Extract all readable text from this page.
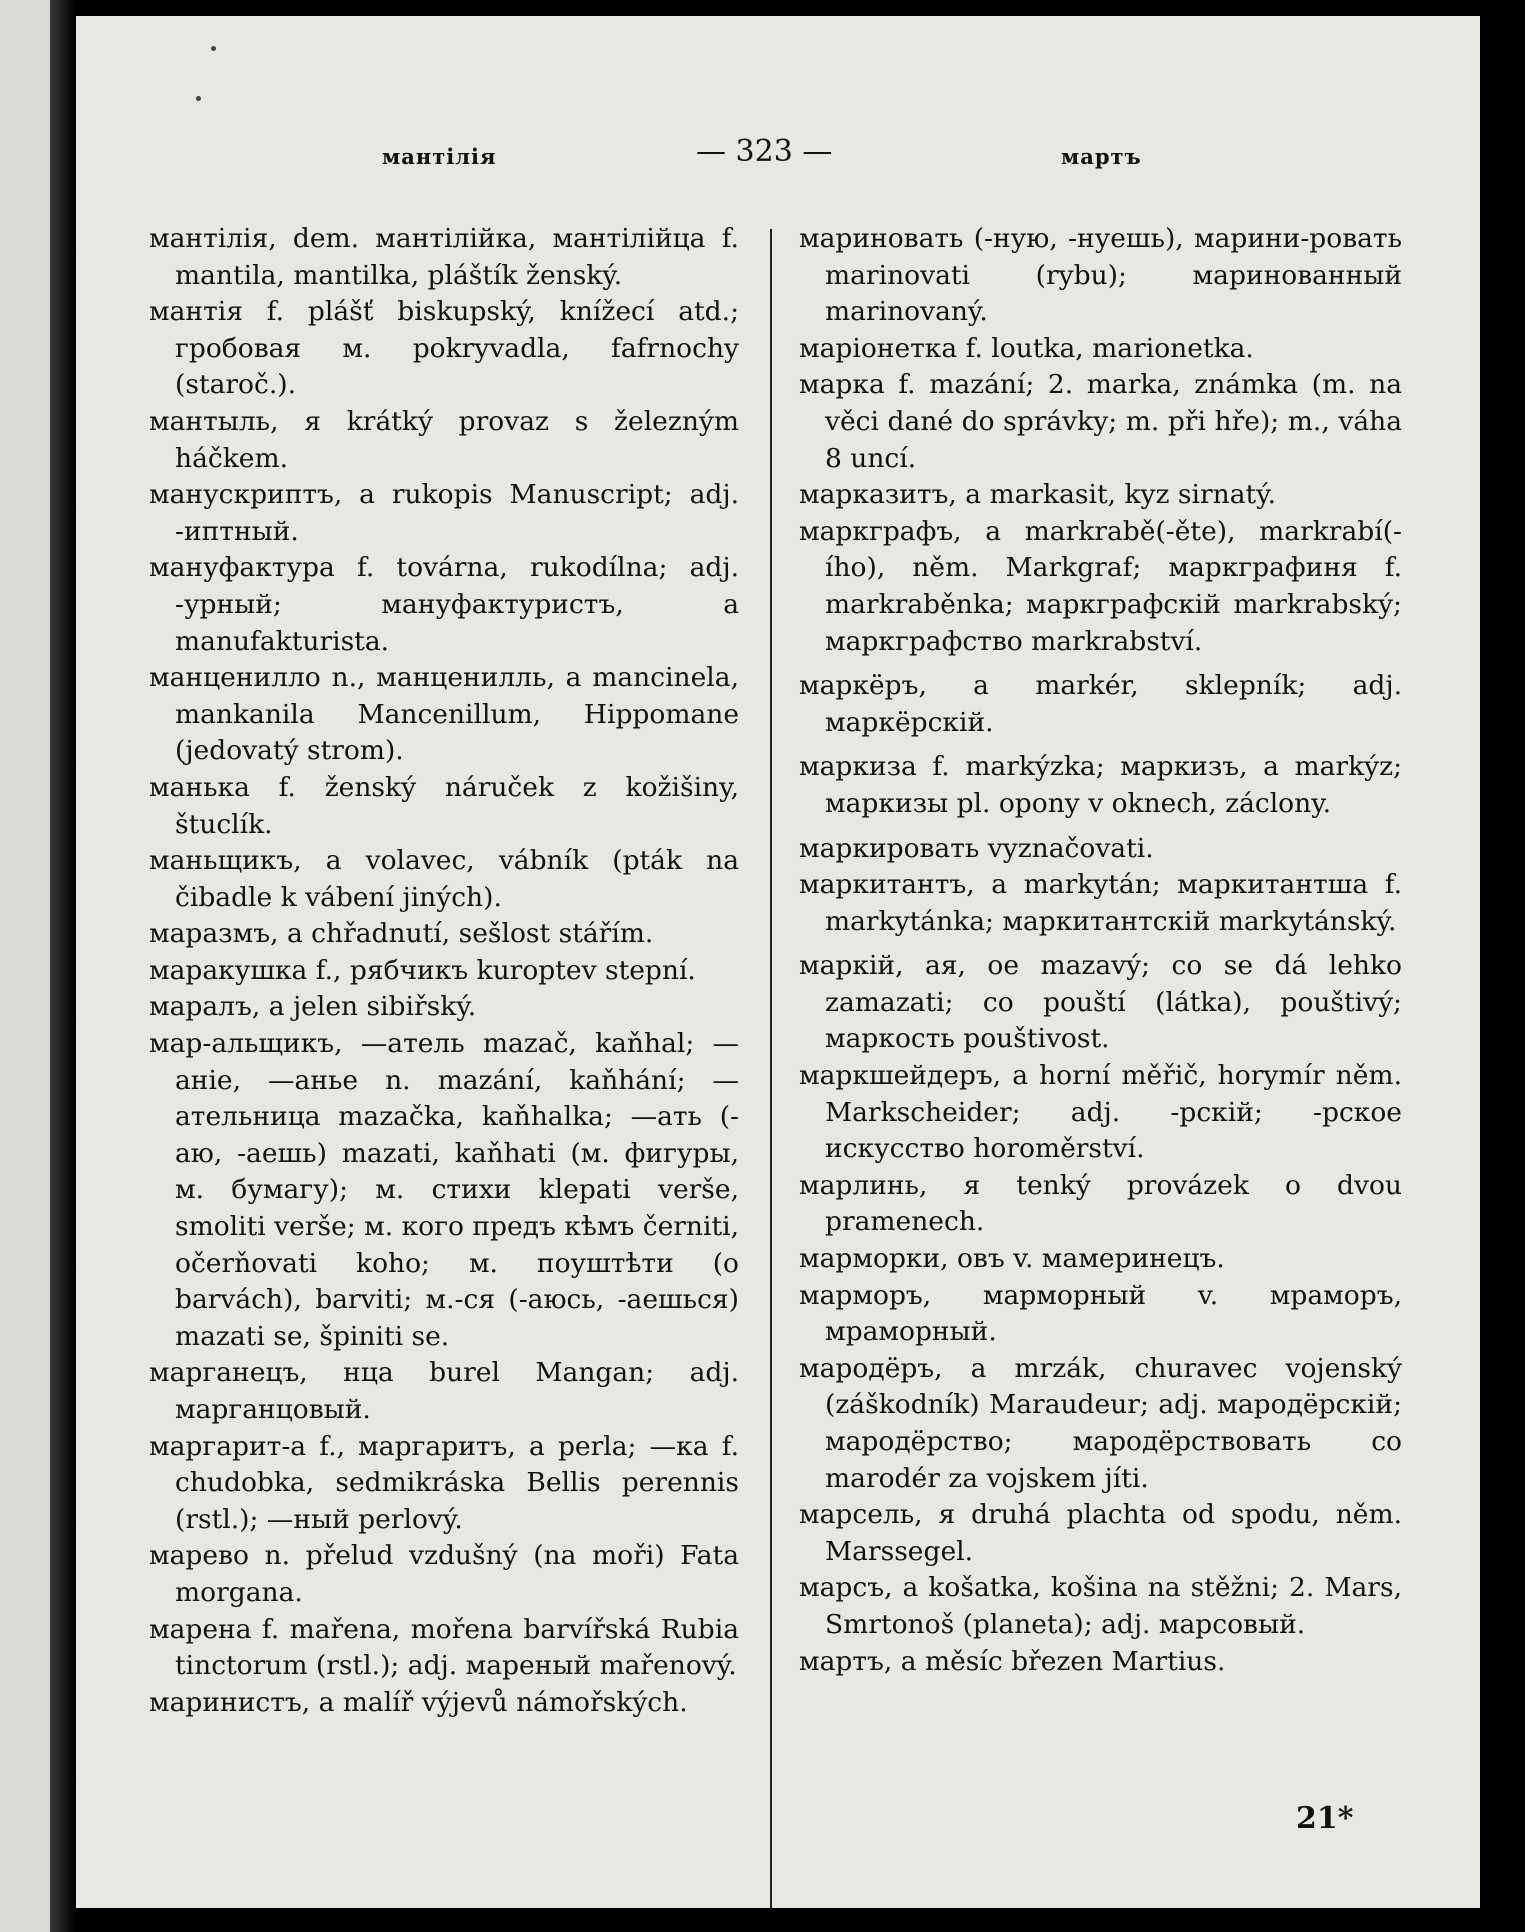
мантілія	— 323 —	мартъ

мантілія, dem. мантілійка, мантілійца f. mantila, mantilka, pláštík ženský.

мантія f. plášť biskupský, knížecí atd.; гробовая м. pokryvadla, fafrnochy (staroč.).

мантыль, я krátký provaz s železným háčkem.

манускриптъ, a rukopis Manuscript; adj. -иптный.

мануфактура f. továrna, rukodílna; adj. -урный; мануфактуристъ, a manufakturista.

манценилло n., манценилль, a mancinela, mankanila Mancenillum, Hippomane (jedovatý strom).

манька f. ženský náruček z kožišiny, štuclík.

маньщикъ, a volavec, vábník (pták na čibadle k vábení jiných).

маразмъ, a chřadnutí, sešlost stářím.

маракушка f., рябчикъ kuroptev stepní.

маралъ, a jelen sibiřský.

мар-альщикъ, —атель mazač, kaňhal; —аніе, —анье n. mazání, kaňhání; —ательница mazačka, kaňhalka; —ать (-аю, -аешь) mazati, kaňhati (м. фигуры, м. бумагу); м. стихи klepati verše, smoliti verše; м. кого предъ кѣмъ černiti, očerňovati koho; м. поуштѣти (o barvách), barviti; м.-ся (-аюсь, -аешься) mazati se, špiniti se.

марганецъ, нца burel Mangan; adj. марганцовый.

маргарит-а f., маргаритъ, a perla; —ка f. chudobka, sedmikráska Bellis perennis (rstl.); —ный perlový.

марево n. přelud vzdušný (na moři) Fata morgana.

марена f. mařena, mořena barvířská Rubia tinctorum (rstl.); adj. мареный mařenový.

маринистъ, a malíř výjevů námořských.

мариновать (-ную, -нуешь), марини-ровать marinovati (rybu); маринованный marinovaný.

маріонетка f. loutka, marionetka.

марка f. mazání; 2. marka, známka (m. na věci dané do správky; m. při hře); m., váha 8 uncí.

марказитъ, a markasit, kyz sirnatý.

маркграфъ, a markrabě(-ěte), markrabí(-ího), něm. Markgraf; маркграфиня f. markraběnka; маркграфскій markrabský; маркграфство markrabství.

маркёръ, a markér, sklepník; adj. маркёрскій.

маркиза f. markýzka; маркизъ, a markýz; маркизы pl. opony v oknech, záclony.

маркировать vyznačovati.

маркитантъ, a markytán; маркитантша f. markytánka; маркитантскій markytánský.

маркій, ая, ое mazavý; co se dá lehko zamazati; co pouští (látka), pouštivý; маркость pouštivost.

маркшейдеръ, a horní měřič, horymír něm. Markscheider; adj. -рскій; -рское искусство horoměrství.

марлинь, я tenký provázek o dvou pramenech.

марморки, овъ v. мамеринецъ.

марморъ, марморный v. мраморъ, мраморный.

мародёръ, a mrzák, churavec vojenský (záškodník) Maraudeur; adj. мародёрскій; мародёрство; мародёрствовать co marodér za vojskem jíti.

марсель, я druhá plachta od spodu, něm. Marssegel.

марсъ, a košatka, košina na stěžni; 2. Mars, Smrtonoš (planeta); adj. марсовый.

мартъ, a měsíc březen Martius.

21*
